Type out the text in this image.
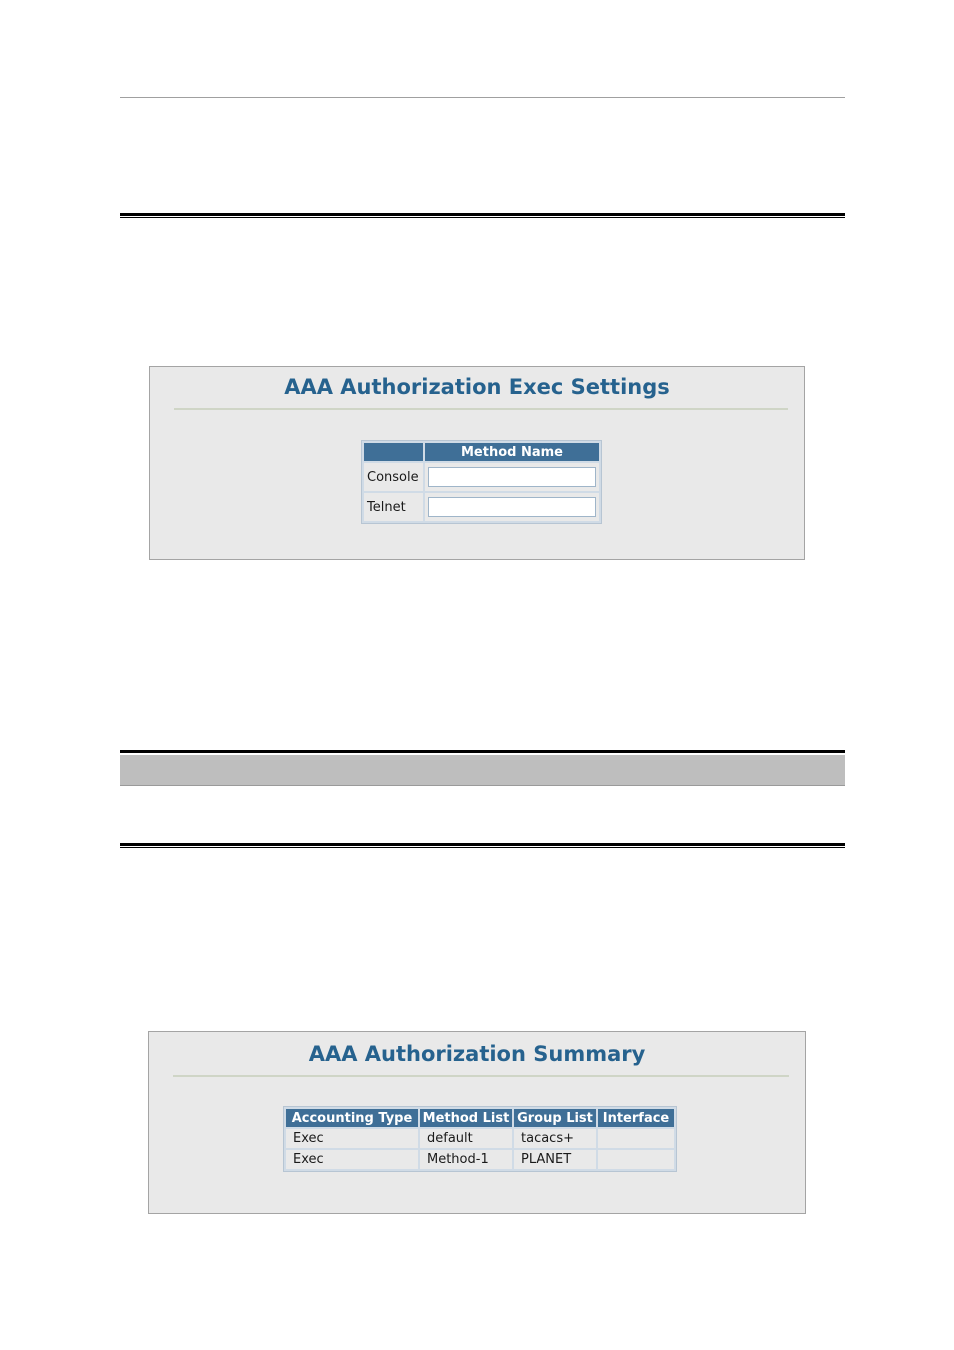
AAA Authorization Exec Settings
	Method Name
Console	
Telnet	
AAA Authorization Summary
Accounting Type	Method List	Group List	Interface
Exec	default	tacacs+	
Exec	Method-1	PLANET	
